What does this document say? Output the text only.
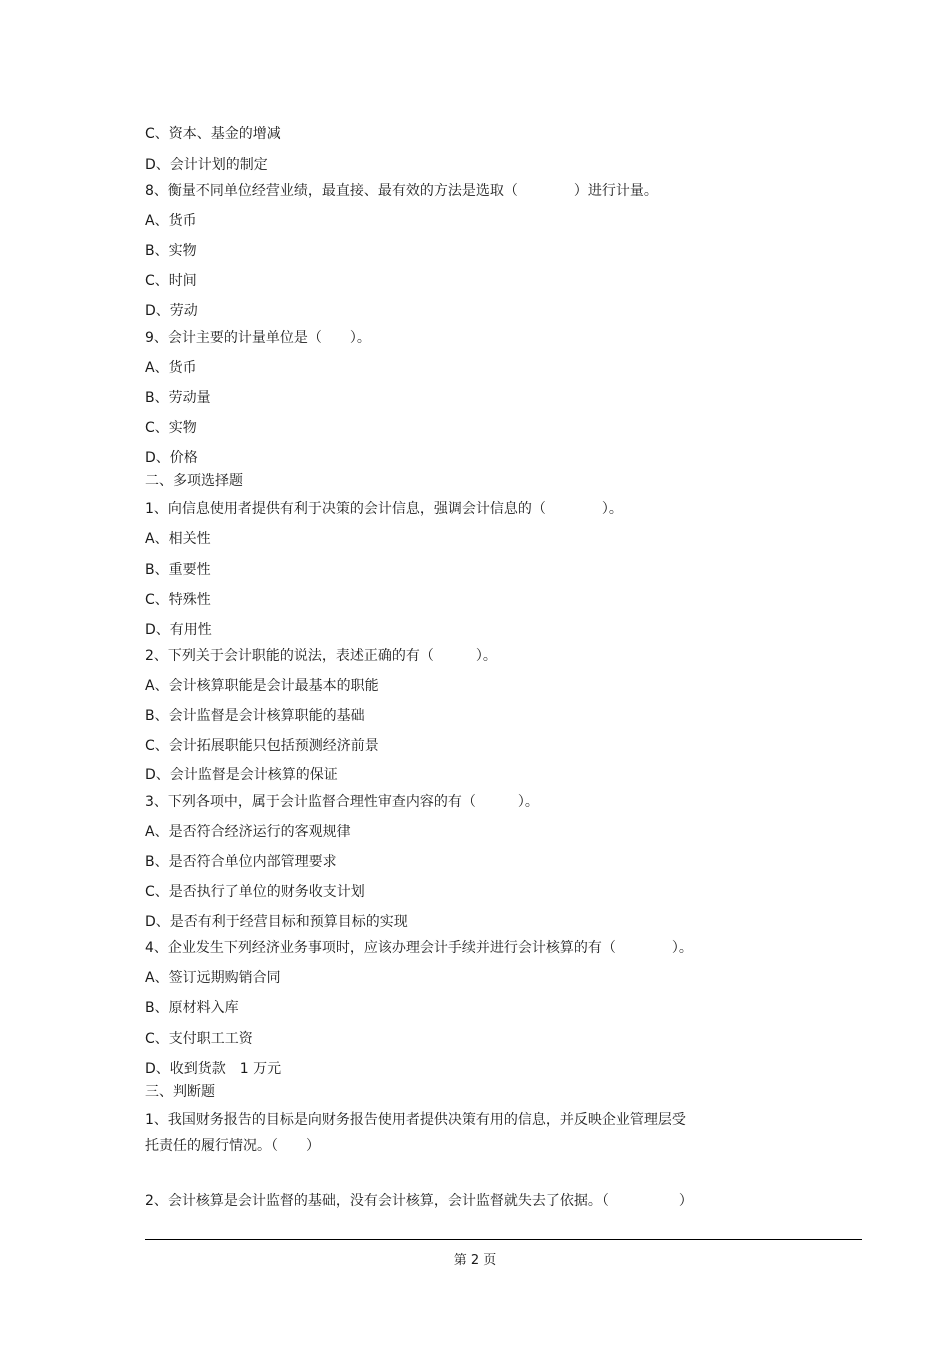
C、资本、基金的增减
D、会计计划的制定
8、衡量不同单位经营业绩，最直接、最有效的方法是选取（　　　　）进行计量。
A、货币
B、实物
C、时间
D、劳动
9、会计主要的计量单位是（　　）。
A、货币
B、劳动量
C、实物
D、价格
二、多项选择题
1、向信息使用者提供有利于决策的会计信息，强调会计信息的（　　　　）。
A、相关性
B、重要性
C、特殊性
D、有用性
2、下列关于会计职能的说法，表述正确的有（　　　）。
A、会计核算职能是会计最基本的职能
B、会计监督是会计核算职能的基础
C、会计拓展职能只包括预测经济前景
D、会计监督是会计核算的保证
3、下列各项中，属于会计监督合理性审查内容的有（　　　）。
A、是否符合经济运行的客观规律
B、是否符合单位内部管理要求
C、是否执行了单位的财务收支计划
D、是否有利于经营目标和预算目标的实现
4、企业发生下列经济业务事项时，应该办理会计手续并进行会计核算的有（　　　　）。
A、签订远期购销合同
B、原材料入库
C、支付职工工资
D、收到货款　1 万元
三、判断题
1、我国财务报告的目标是向财务报告使用者提供决策有用的信息，并反映企业管理层受
托责任的履行情况。（　　）
2、会计核算是会计监督的基础，没有会计核算，会计监督就失去了依据。（　　　　　）
第 2 页
